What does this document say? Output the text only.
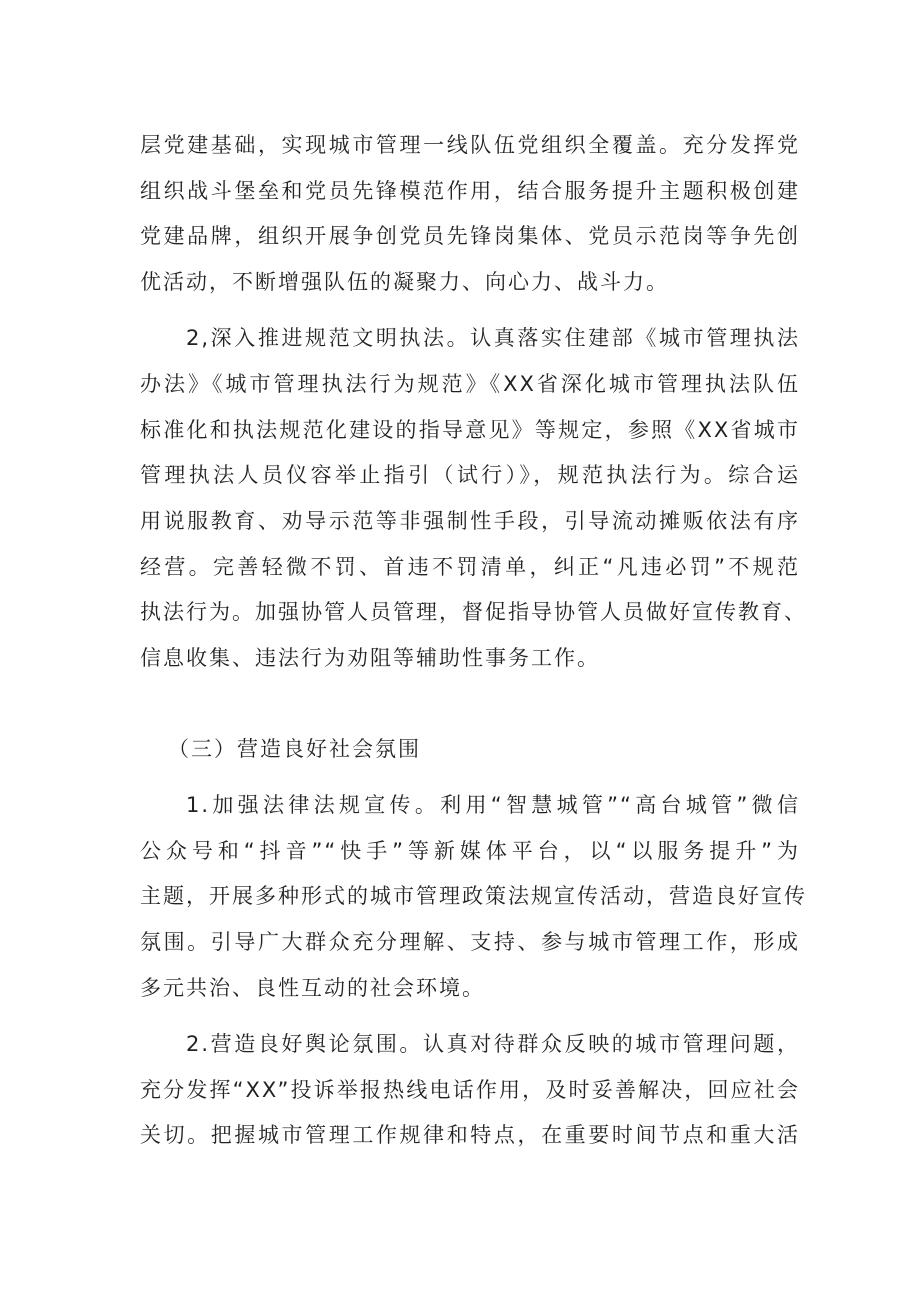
层党建基础，实现城市管理一线队伍党组织全覆盖。充分发挥党

组织战斗堡垒和党员先锋模范作用，结合服务提升主题积极创建

党建品牌，组织开展争创党员先锋岗集体、党员示范岗等争先创

优活动，不断增强队伍的凝聚力、向心力、战斗力。

2,深入推进规范文明执法。认真落实住建部《城市管理执法

办法》《城市管理执法行为规范》《XX省深化城市管理执法队伍

标准化和执法规范化建设的指导意见》等规定，参照《XX省城市

管理执法人员仪容举止指引（试行）》，规范执法行为。综合运

用说服教育、劝导示范等非强制性手段，引导流动摊贩依法有序

经营。完善轻微不罚、首违不罚清单，纠正“凡违必罚”不规范

执法行为。加强协管人员管理，督促指导协管人员做好宣传教育、

信息收集、违法行为劝阻等辅助性事务工作。

（三）营造良好社会氛围

1.加强法律法规宣传。利用“智慧城管”“高台城管”微信

公众号和“抖音”“快手”等新媒体平台，以“以服务提升”为

主题，开展多种形式的城市管理政策法规宣传活动，营造良好宣传

氛围。引导广大群众充分理解、支持、参与城市管理工作，形成

多元共治、良性互动的社会环境。

2.营造良好舆论氛围。认真对待群众反映的城市管理问题，

充分发挥“XX”投诉举报热线电话作用，及时妥善解决，回应社会

关切。把握城市管理工作规律和特点，在重要时间节点和重大活
